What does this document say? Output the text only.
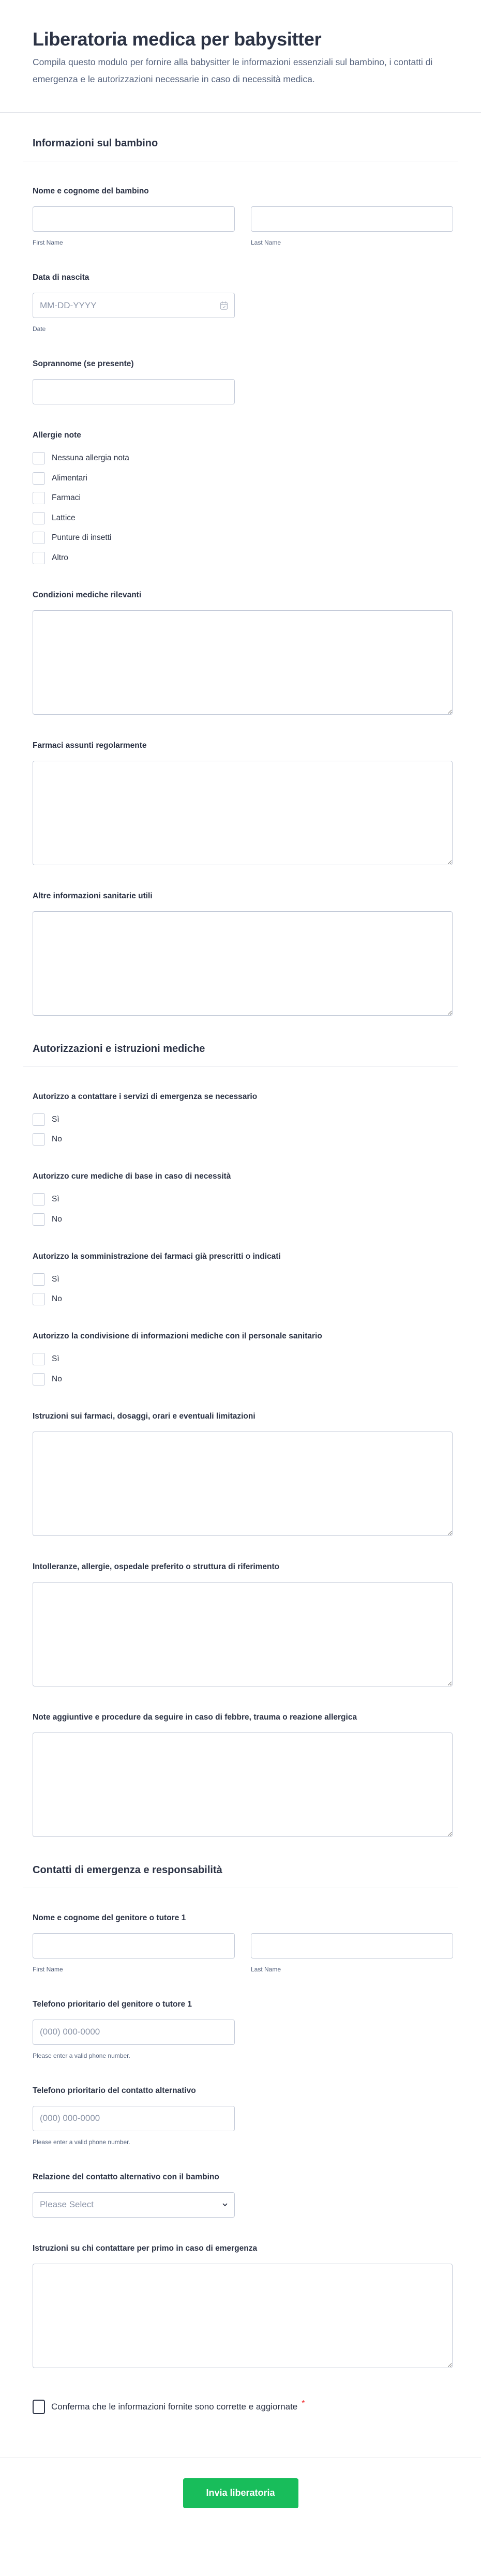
Liberatoria medica per babysitter
Compila questo modulo per fornire alla babysitter le informazioni essenziali sul bambino, i contatti di emergenza e le autorizzazioni necessarie in caso di necessità medica.
Informazioni sul bambino
Nome e cognome del bambino
First Name	Last Name
Data di nascita
MM-DD-YYYY
Date
Soprannome (se presente)
Allergie note
Nessuna allergia nota
Alimentari
Farmaci
Lattice
Punture di insetti
Altro
Condizioni mediche rilevanti
Farmaci assunti regolarmente
Altre informazioni sanitarie utili
Autorizzazioni e istruzioni mediche
Autorizzo a contattare i servizi di emergenza se necessario
Sì
No
Autorizzo cure mediche di base in caso di necessità
Sì
No
Autorizzo la somministrazione dei farmaci già prescritti o indicati
Sì
No
Autorizzo la condivisione di informazioni mediche con il personale sanitario
Sì
No
Istruzioni sui farmaci, dosaggi, orari e eventuali limitazioni
Intolleranze, allergie, ospedale preferito o struttura di riferimento
Note aggiuntive e procedure da seguire in caso di febbre, trauma o reazione allergica
Contatti di emergenza e responsabilità
Nome e cognome del genitore o tutore 1
First Name	Last Name
Telefono prioritario del genitore o tutore 1
(000) 000-0000
Please enter a valid phone number.
Telefono prioritario del contatto alternativo
(000) 000-0000
Please enter a valid phone number.
Relazione del contatto alternativo con il bambino
Please Select
Istruzioni su chi contattare per primo in caso di emergenza
Conferma che le informazioni fornite sono corrette e aggiornate *
Invia liberatoria
